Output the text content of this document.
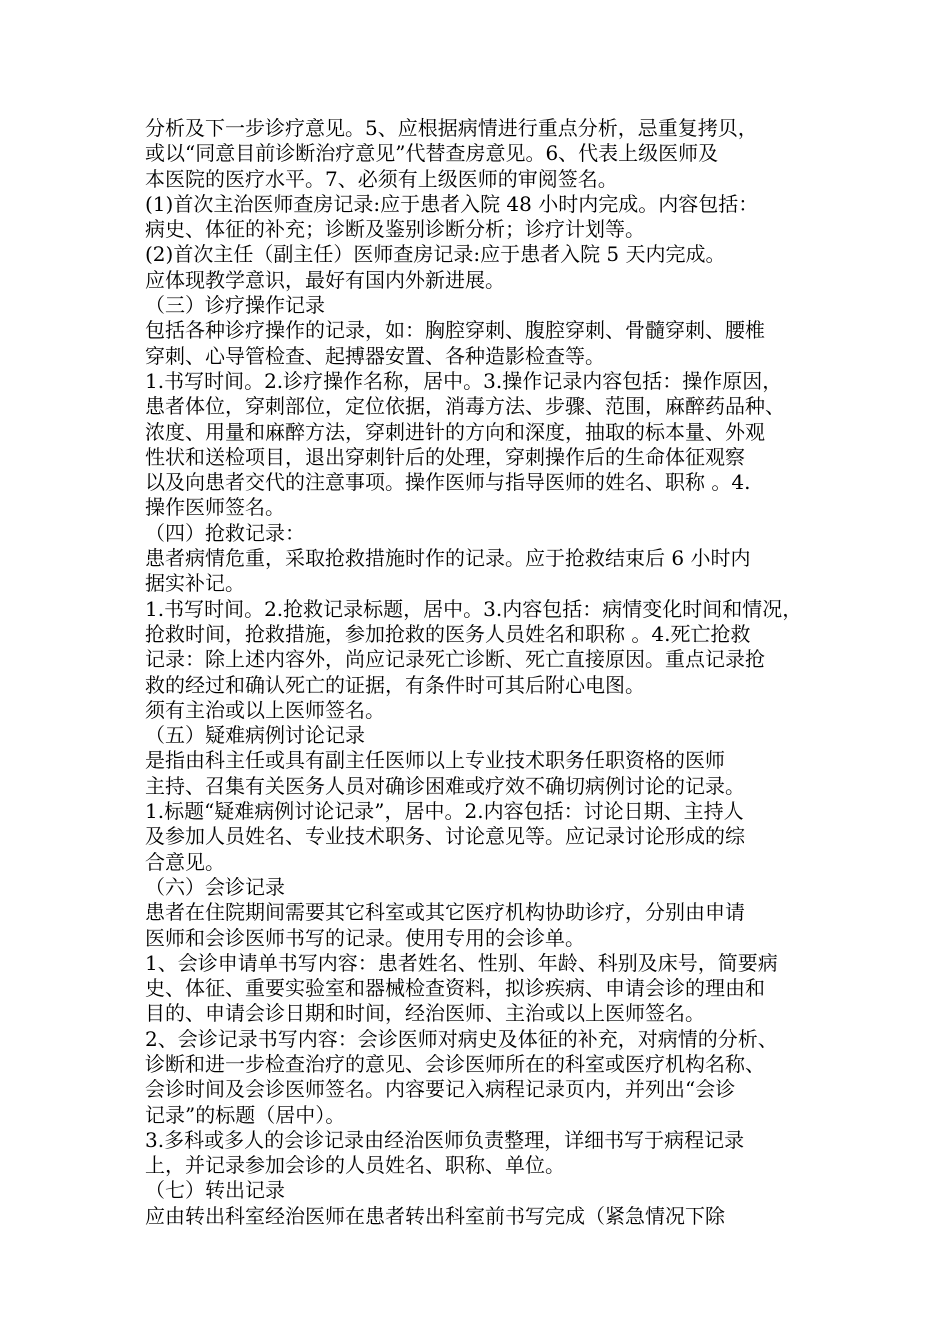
分析及下一步诊疗意见。5、应根据病情进行重点分析，忌重复拷贝，
或以“同意目前诊断治疗意见”代替查房意见。6、代表上级医师及
本医院的医疗水平。7、必须有上级医师的审阅签名。
(1)首次主治医师查房记录:应于患者入院 48 小时内完成。内容包括：
病史、体征的补充；诊断及鉴别诊断分析；诊疗计划等。
(2)首次主任（副主任）医师查房记录:应于患者入院 5 天内完成。
应体现教学意识，最好有国内外新进展。
（三）诊疗操作记录
包括各种诊疗操作的记录，如：胸腔穿刺、腹腔穿刺、骨髓穿刺、腰椎
穿刺、心导管检查、起搏器安置、各种造影检查等。
1.书写时间。2.诊疗操作名称，居中。3.操作记录内容包括：操作原因，
患者体位，穿刺部位，定位依据，消毒方法、步骤、范围，麻醉药品种、
浓度、用量和麻醉方法，穿刺进针的方向和深度，抽取的标本量、外观
性状和送检项目，退出穿刺针后的处理，穿刺操作后的生命体征观察
以及向患者交代的注意事项。操作医师与指导医师的姓名、职称 。4.
操作医师签名。
（四）抢救记录：
患者病情危重，采取抢救措施时作的记录。应于抢救结束后 6 小时内
据实补记。
1.书写时间。2.抢救记录标题，居中。3.内容包括：病情变化时间和情况，
抢救时间，抢救措施，参加抢救的医务人员姓名和职称 。4.死亡抢救
记录：除上述内容外，尚应记录死亡诊断、死亡直接原因。重点记录抢
救的经过和确认死亡的证据，有条件时可其后附心电图。
须有主治或以上医师签名。
（五）疑难病例讨论记录
是指由科主任或具有副主任医师以上专业技术职务任职资格的医师
主持、召集有关医务人员对确诊困难或疗效不确切病例讨论的记录。
1.标题“疑难病例讨论记录”，居中。2.内容包括：讨论日期、主持人
及参加人员姓名、专业技术职务、讨论意见等。应记录讨论形成的综
合意见。
（六）会诊记录
患者在住院期间需要其它科室或其它医疗机构协助诊疗，分别由申请
医师和会诊医师书写的记录。使用专用的会诊单。
1、会诊申请单书写内容：患者姓名、性别、年龄、科别及床号，简要病
史、体征、重要实验室和器械检查资料，拟诊疾病、申请会诊的理由和
目的、申请会诊日期和时间，经治医师、主治或以上医师签名。
2、会诊记录书写内容：会诊医师对病史及体征的补充，对病情的分析、
诊断和进一步检查治疗的意见、会诊医师所在的科室或医疗机构名称、
会诊时间及会诊医师签名。内容要记入病程记录页内，并列出“会诊
记录”的标题（居中）。
3.多科或多人的会诊记录由经治医师负责整理，详细书写于病程记录
上，并记录参加会诊的人员姓名、职称、单位。
（七）转出记录
应由转出科室经治医师在患者转出科室前书写完成（紧急情况下除
